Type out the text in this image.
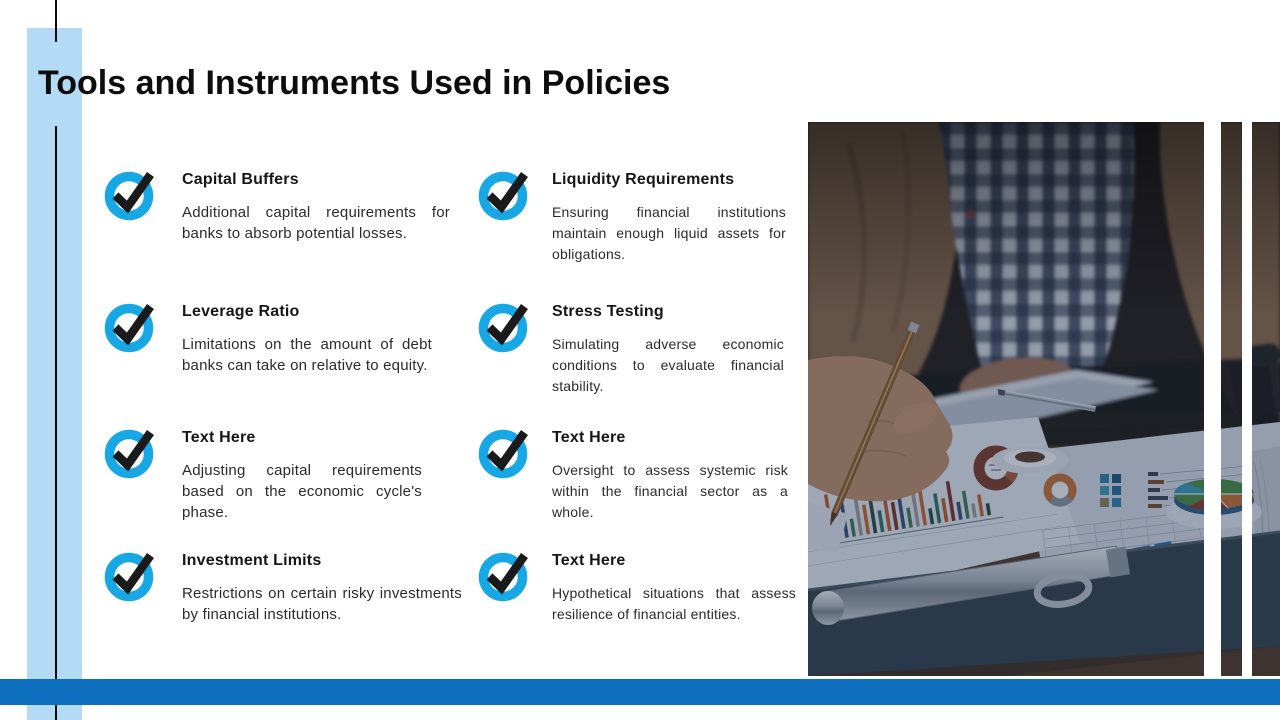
Tools and Instruments Used in Policies
Capital Buffers

Additional capital requirements for banks to absorb potential losses.

Leverage Ratio

Limitations on the amount of debt banks can take on relative to equity.

Text Here

Adjusting capital requirements based on the economic cycle's phase.

Investment Limits

Restrictions on certain risky investments by financial institutions.

Liquidity Requirements

Ensuring financial institutions maintain enough liquid assets for obligations.

Stress Testing

Simulating adverse economic conditions to evaluate financial stability.

Text Here

Oversight to assess systemic risk within the financial sector as a whole.

Text Here

Hypothetical situations that assess resilience of financial entities.
